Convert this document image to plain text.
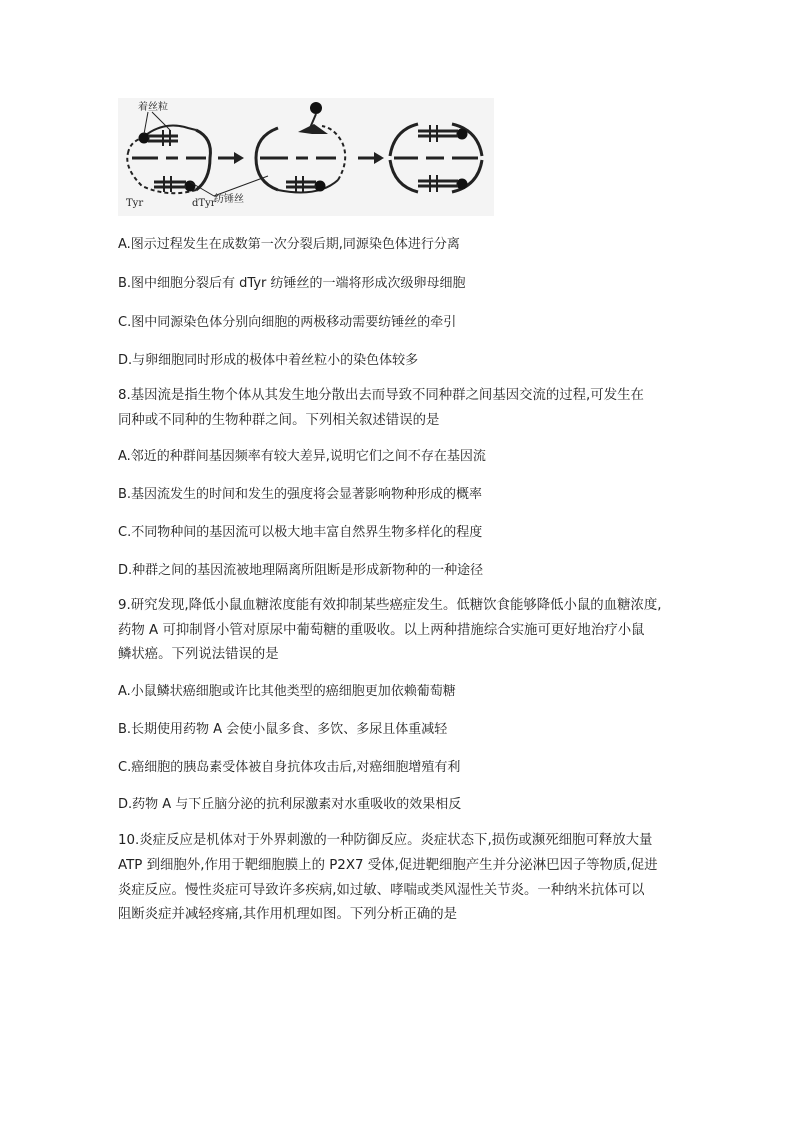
着丝粒
Tyr	dTyr
纺锤丝
A.图示过程发生在成数第一次分裂后期,同源染色体进行分离
B.图中细胞分裂后有 dTyr 纺锤丝的一端将形成次级卵母细胞
C.图中同源染色体分别向细胞的两极移动需要纺锤丝的牵引
D.与卵细胞同时形成的极体中着丝粒小的染色体较多
8.基因流是指生物个体从其发生地分散出去而导致不同种群之间基因交流的过程,可发生在
同种或不同种的生物种群之间。下列相关叙述错误的是
A.邻近的种群间基因频率有较大差异,说明它们之间不存在基因流
B.基因流发生的时间和发生的强度将会显著影响物种形成的概率
C.不同物种间的基因流可以极大地丰富自然界生物多样化的程度
D.种群之间的基因流被地理隔离所阻断是形成新物种的一种途径
9.研究发现,降低小鼠血糖浓度能有效抑制某些癌症发生。低糖饮食能够降低小鼠的血糖浓度,
药物 A 可抑制肾小管对原尿中葡萄糖的重吸收。以上两种措施综合实施可更好地治疗小鼠
鳞状癌。下列说法错误的是
A.小鼠鳞状癌细胞或许比其他类型的癌细胞更加依赖葡萄糖
B.长期使用药物 A 会使小鼠多食、多饮、多尿且体重减轻
C.癌细胞的胰岛素受体被自身抗体攻击后,对癌细胞增殖有利
D.药物 A 与下丘脑分泌的抗利尿激素对水重吸收的效果相反
10.炎症反应是机体对于外界刺激的一种防御反应。炎症状态下,损伤或濒死细胞可释放大量
ATP 到细胞外,作用于靶细胞膜上的 P2X7 受体,促进靶细胞产生并分泌淋巴因子等物质,促进
炎症反应。慢性炎症可导致许多疾病,如过敏、哮喘或类风湿性关节炎。一种纳米抗体可以
阻断炎症并减轻疼痛,其作用机理如图。下列分析正确的是
